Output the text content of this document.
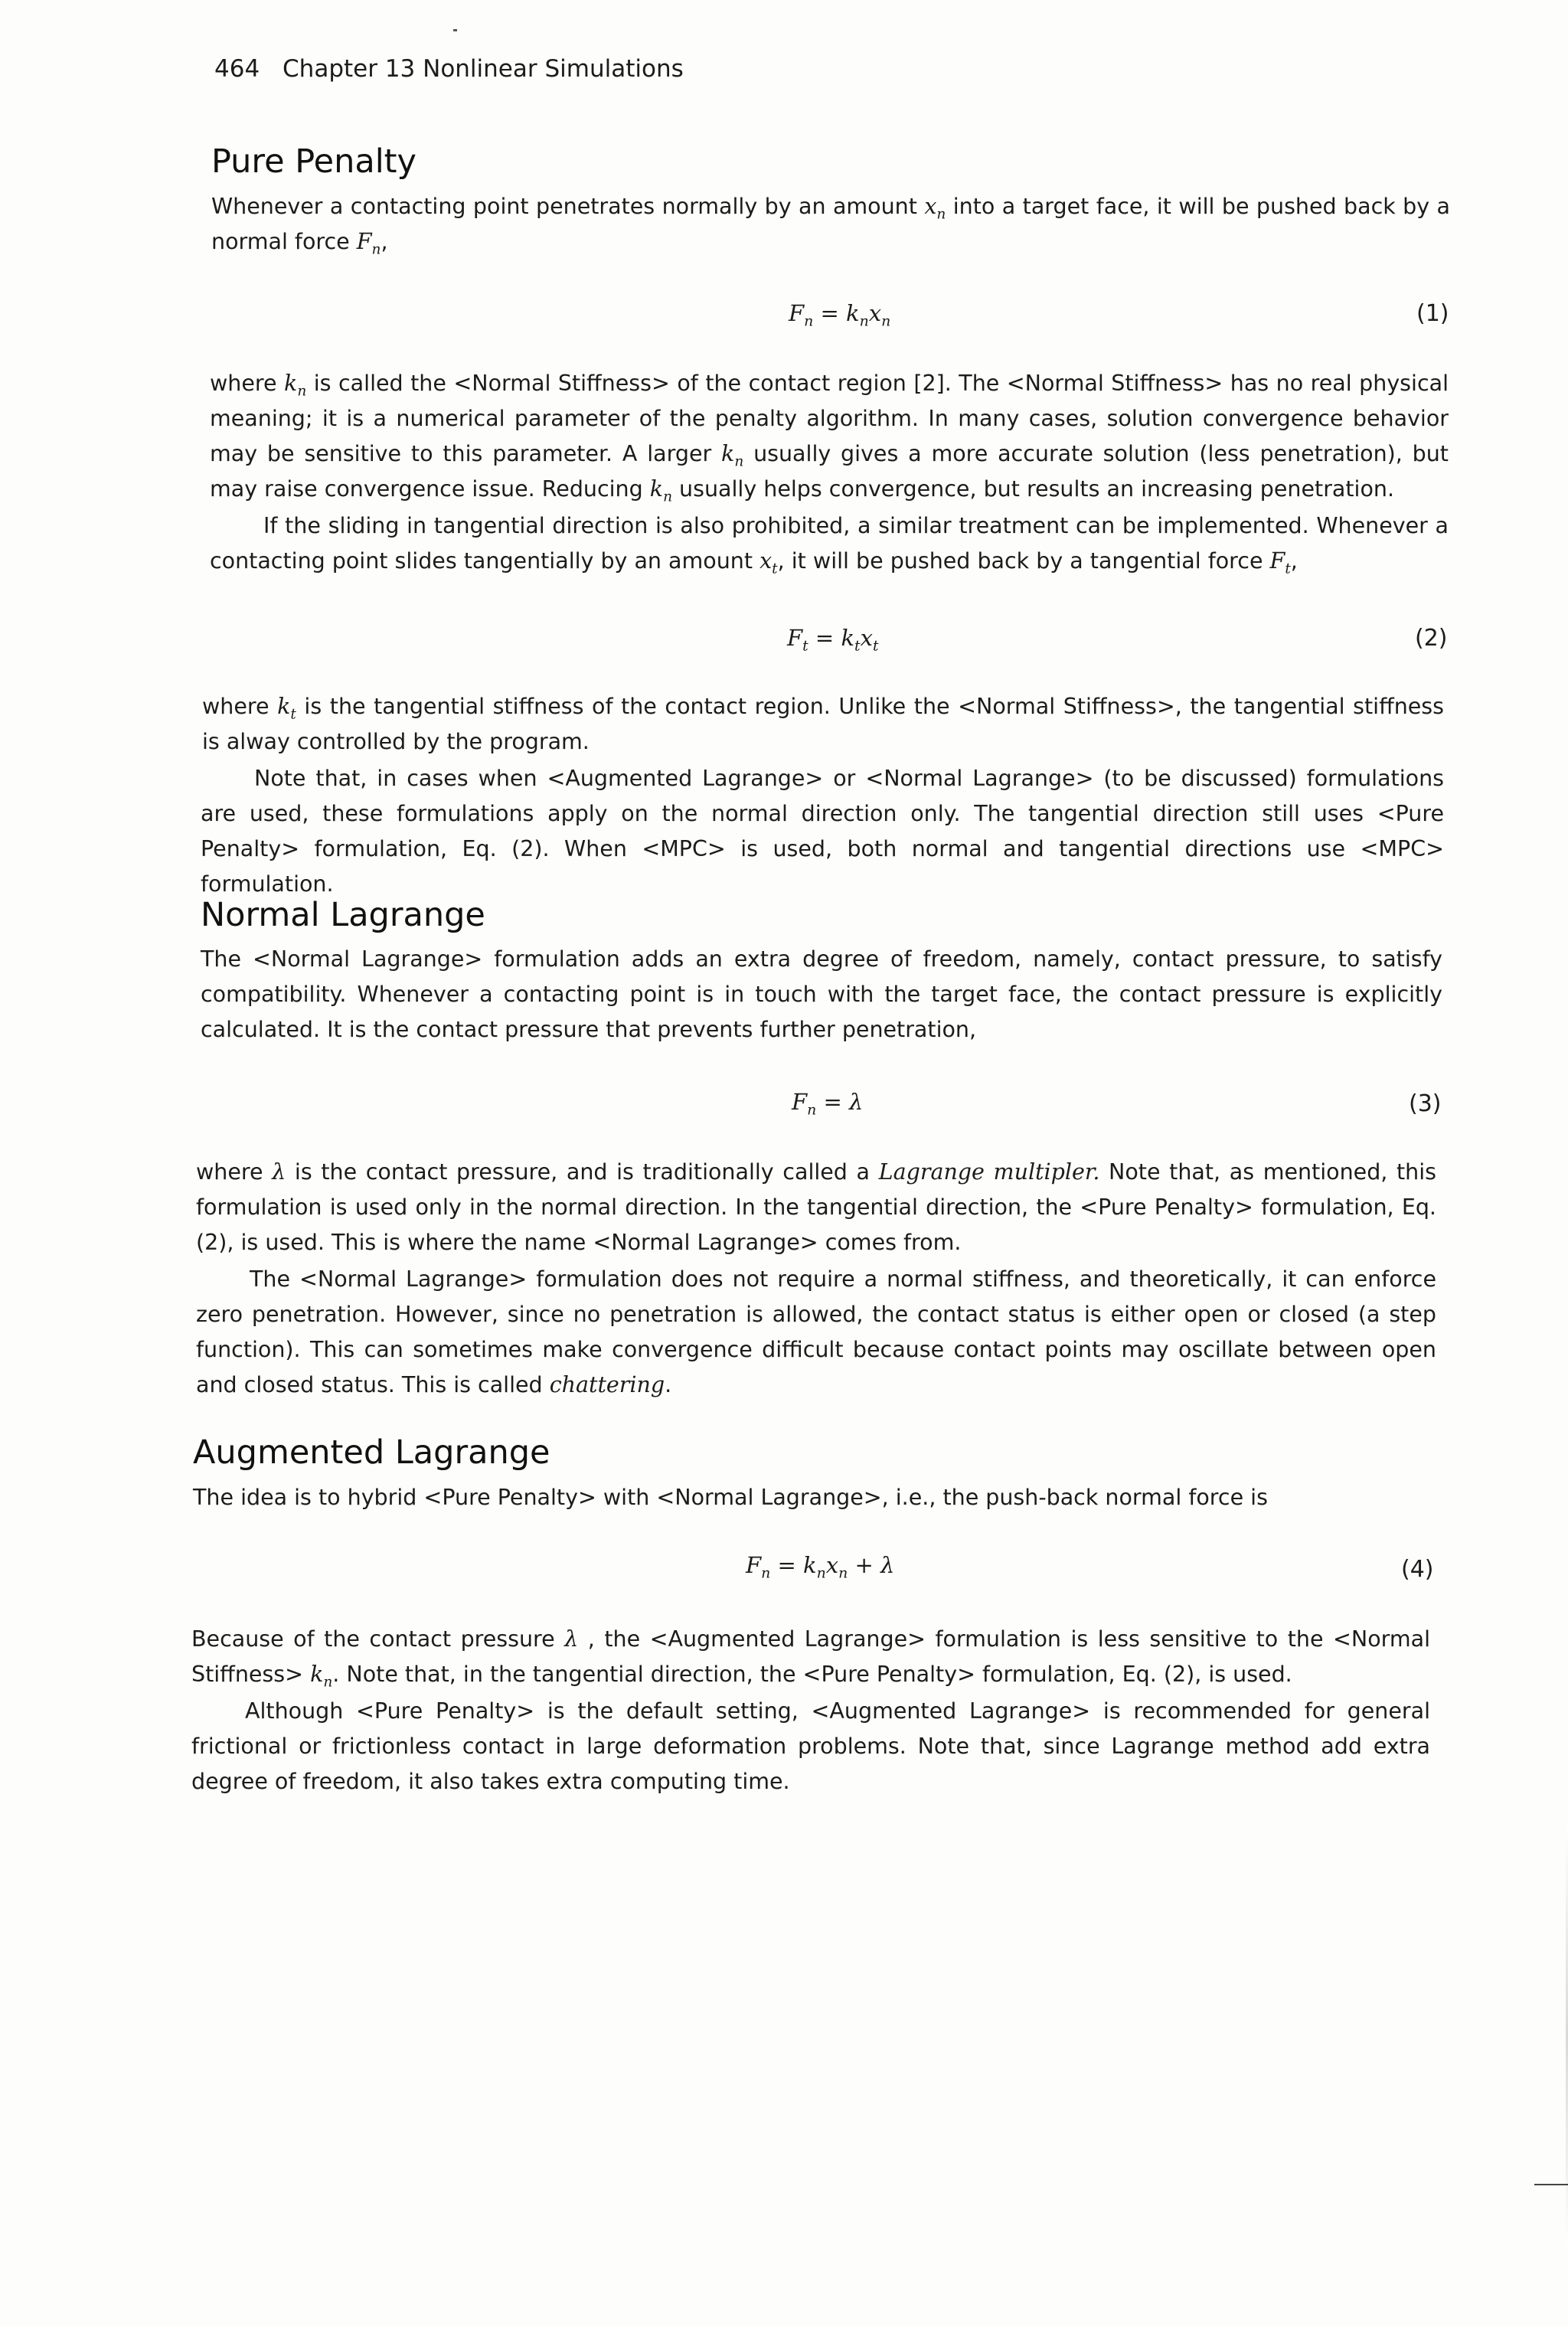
464 Chapter 13 Nonlinear Simulations
Pure Penalty

Whenever a contacting point penetrates normally by an amount $x_n$ into a target face, it will be pushed back by a normal force $F_n$,

$F_n = k_nx_n$	(1)

where $k_n$ is called the <Normal Stiffness> of the contact region [2]. The <Normal Stiffness> has no real physical meaning; it is a numerical parameter of the penalty algorithm. In many cases, solution convergence behavior may be sensitive to this parameter. A larger $k_n$ usually gives a more accurate solution (less penetration), but may raise convergence issue. Reducing $k_n$ usually helps convergence, but results an increasing penetration.

If the sliding in tangential direction is also prohibited, a similar treatment can be implemented. Whenever a contacting point slides tangentially by an amount $x_t$, it will be pushed back by a tangential force $F_t$,

$F_t = k_tx_t$	(2)

where $k_t$ is the tangential stiffness of the contact region. Unlike the <Normal Stiffness>, the tangential stiffness is alway controlled by the program.

Note that, in cases when <Augmented Lagrange> or <Normal Lagrange> (to be discussed) formulations are used, these formulations apply on the normal direction only. The tangential direction still uses <Pure Penalty> formulation, Eq. (2). When <MPC> is used, both normal and tangential directions use <MPC> formulation.

Normal Lagrange

The <Normal Lagrange> formulation adds an extra degree of freedom, namely, contact pressure, to satisfy compatibility. Whenever a contacting point is in touch with the target face, the contact pressure is explicitly calculated. It is the contact pressure that prevents further penetration,

$F_n = \lambda$	(3)

where λ is the contact pressure, and is traditionally called a Lagrange multipler. Note that, as mentioned, this formulation is used only in the normal direction. In the tangential direction, the <Pure Penalty> formulation, Eq. (2), is used. This is where the name <Normal Lagrange> comes from.

The <Normal Lagrange> formulation does not require a normal stiffness, and theoretically, it can enforce zero penetration. However, since no penetration is allowed, the contact status is either open or closed (a step function). This can sometimes make convergence difficult because contact points may oscillate between open and closed status. This is called chattering.

Augmented Lagrange

The idea is to hybrid <Pure Penalty> with <Normal Lagrange>, i.e., the push-back normal force is

$F_n = k_nx_n + \lambda$	(4)

Because of the contact pressure λ , the <Augmented Lagrange> formulation is less sensitive to the <Normal Stiffness> $k_n$. Note that, in the tangential direction, the <Pure Penalty> formulation, Eq. (2), is used.

Although <Pure Penalty> is the default setting, <Augmented Lagrange> is recommended for general frictional or frictionless contact in large deformation problems. Note that, since Lagrange method add extra degree of freedom, it also takes extra computing time.
